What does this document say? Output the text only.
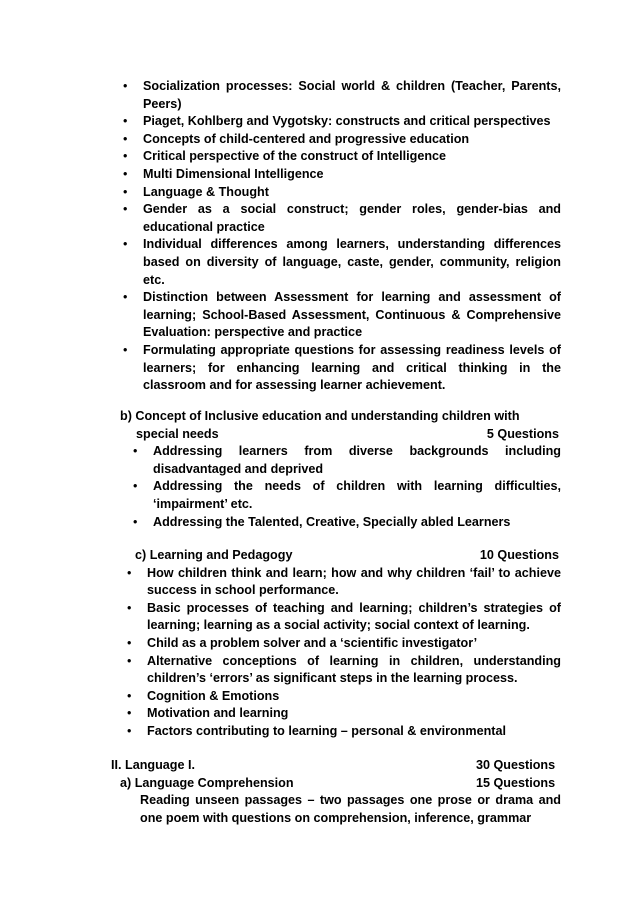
• Socialization processes: Social world & children (Teacher, Parents, Peers)
• Piaget, Kohlberg and Vygotsky: constructs and critical perspectives
• Concepts of child-centered and progressive education
• Critical perspective of the construct of Intelligence
• Multi Dimensional Intelligence
• Language & Thought
• Gender as a social construct; gender roles, gender-bias and educational practice
• Individual differences among learners, understanding differences based on diversity of language, caste, gender, community, religion etc.
• Distinction between Assessment for learning and assessment of learning; School-Based Assessment, Continuous & Comprehensive Evaluation: perspective and practice
• Formulating appropriate questions for assessing readiness levels of learners; for enhancing learning and critical thinking in the classroom and for assessing learner achievement.
b) Concept of Inclusive education and understanding children with
special needs	5 Questions
• Addressing learners from diverse backgrounds including disadvantaged and deprived
• Addressing the needs of children with learning difficulties, ‘impairment’ etc.
• Addressing the Talented, Creative, Specially abled Learners
c) Learning and Pedagogy	10 Questions
• How children think and learn; how and why children ‘fail’ to achieve success in school performance.
• Basic processes of teaching and learning; children’s strategies of learning; learning as a social activity; social context of learning.
• Child as a problem solver and a ‘scientific investigator’
• Alternative conceptions of learning in children, understanding children’s ‘errors’ as significant steps in the learning process.
• Cognition & Emotions
• Motivation and learning
• Factors contributing to learning – personal & environmental
II. Language I.	30 Questions
a) Language Comprehension	15 Questions
Reading unseen passages – two passages one prose or drama and one poem with questions on comprehension, inference, grammar
